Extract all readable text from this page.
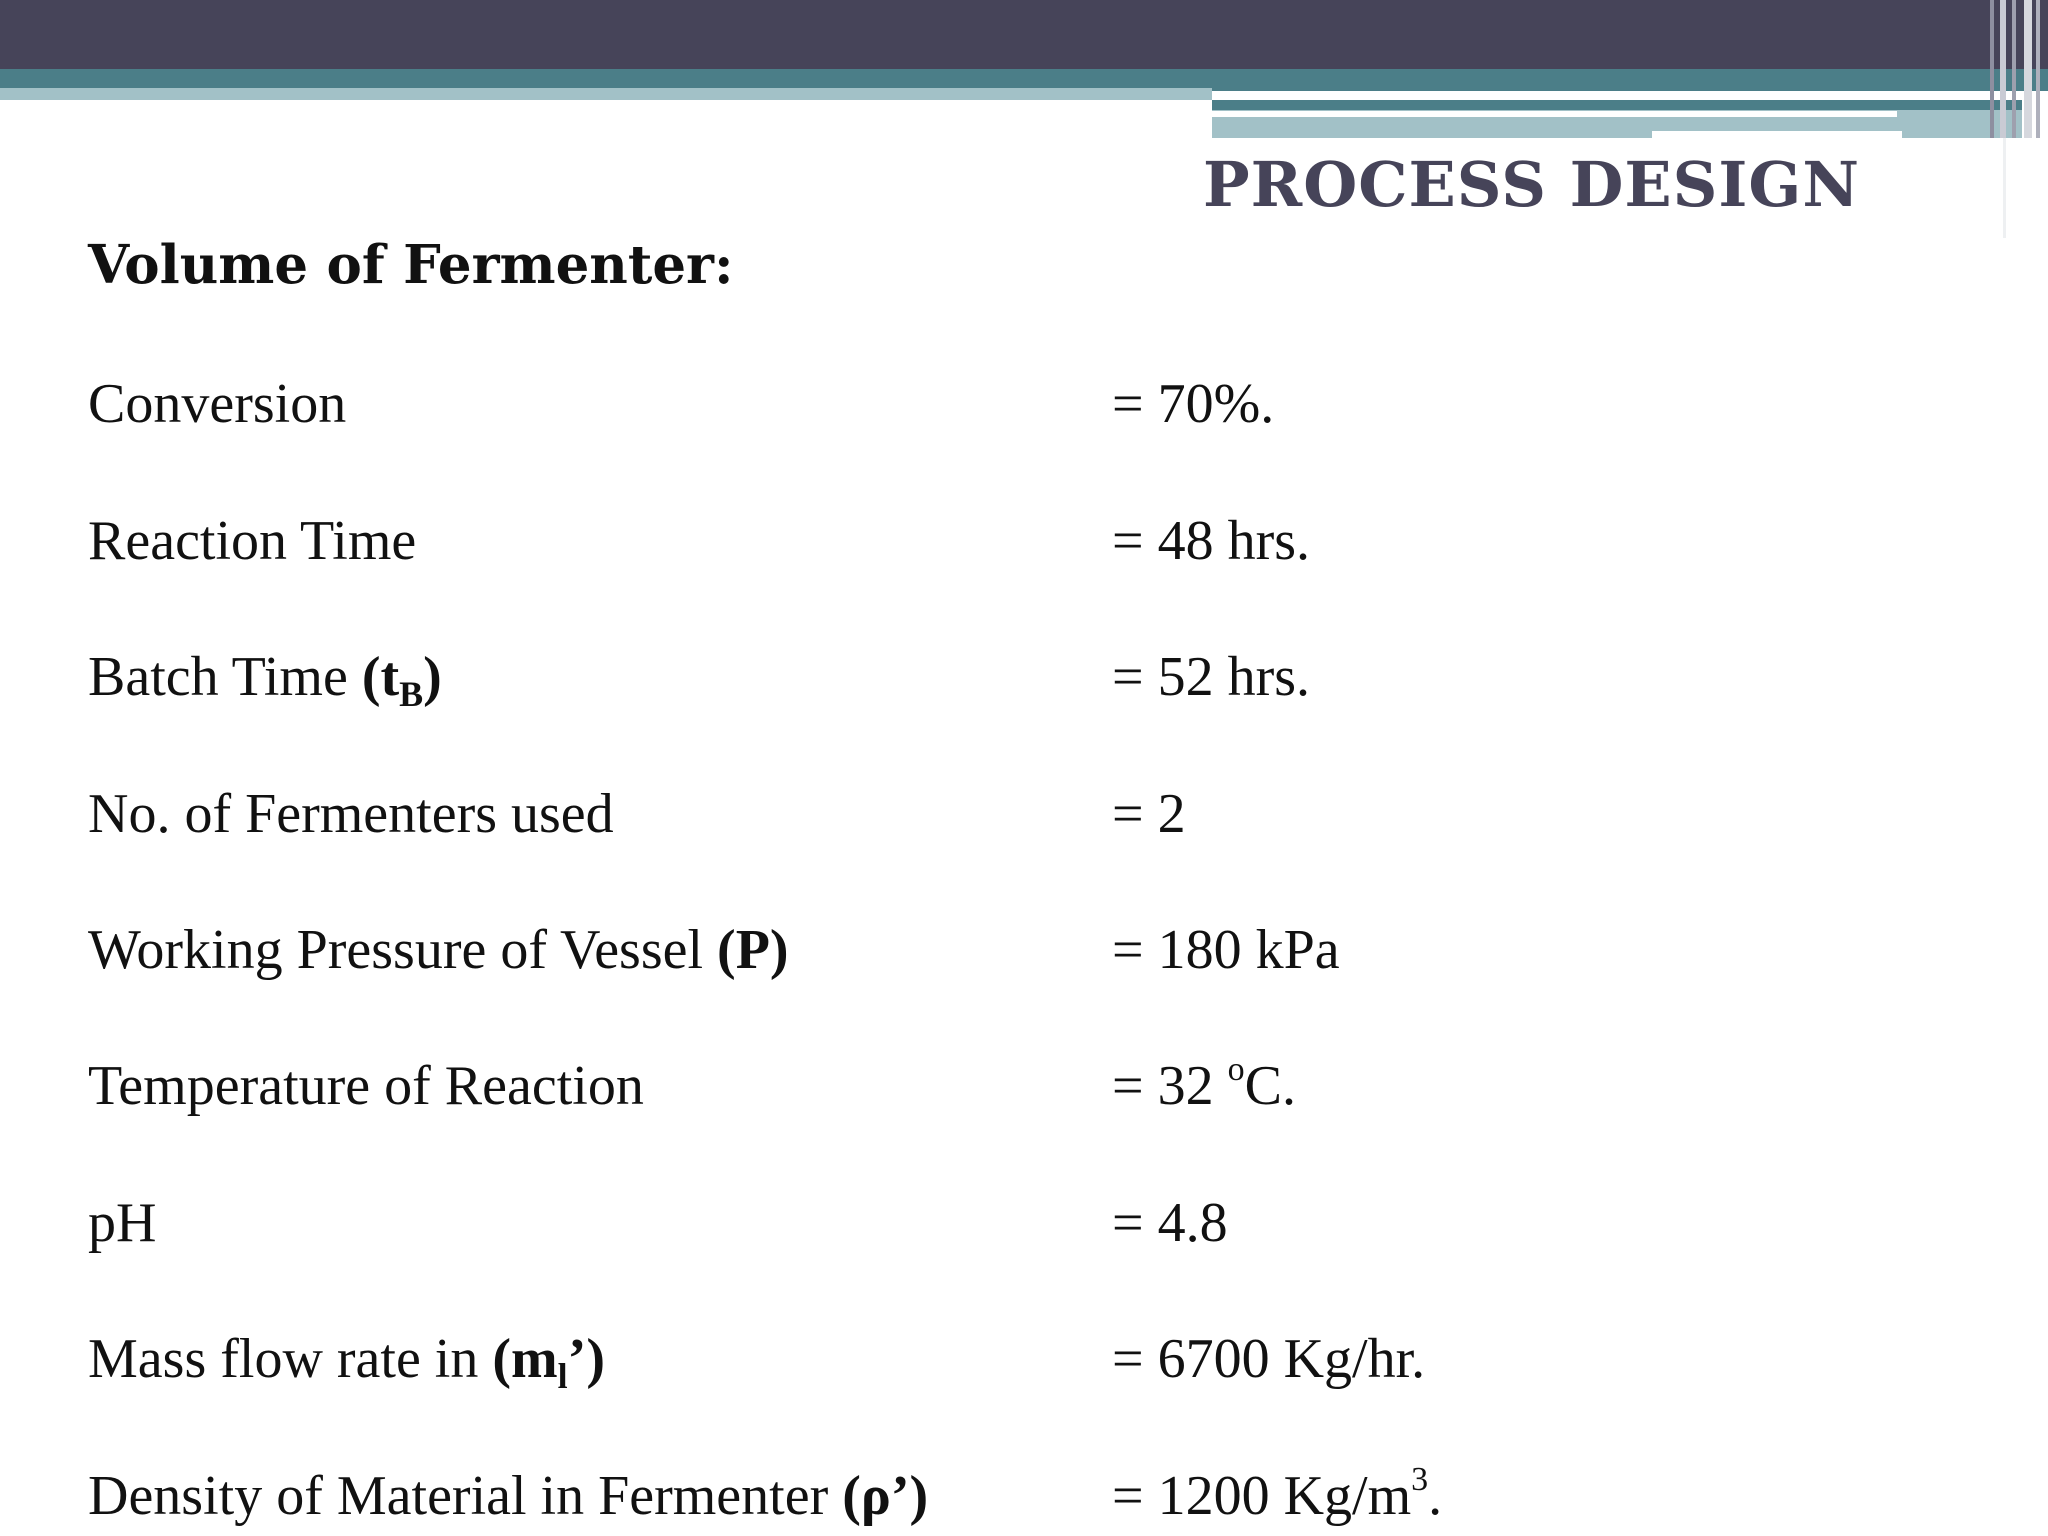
PROCESS DESIGN
Volume of Fermenter:
Conversion	= 70%.
Reaction Time	= 48 hrs.
Batch Time $(t_B)$	= 52 hrs.
No. of Fermenters used	= 2
Working Pressure of Vessel (P)	= 180 kPa
Temperature of Reaction	= 32 $^o$C.
pH	= 4.8
Mass flow rate in $(m_l’)$	= 6700 Kg/hr.
Density of Material in Fermenter (ρ’)	= 1200 $Kg/m^3$.
